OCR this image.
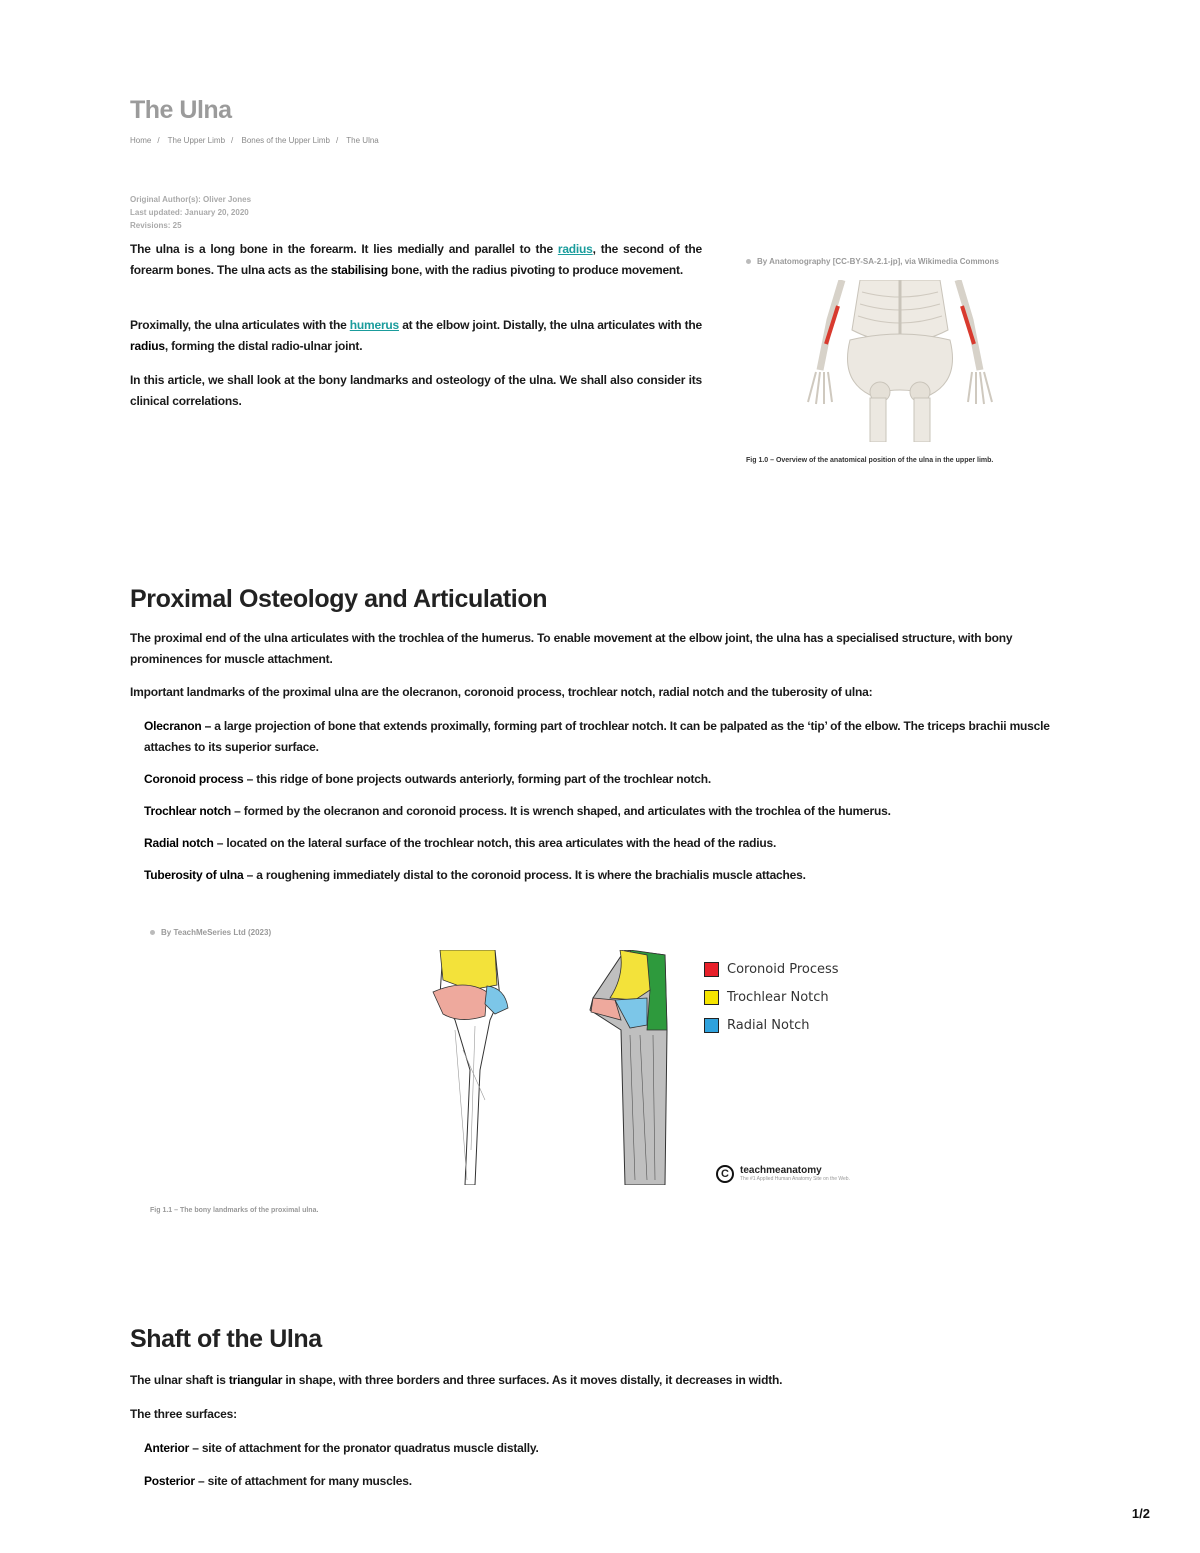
The Ulna
Home / The Upper Limb / Bones of the Upper Limb / The Ulna
Original Author(s): Oliver Jones
Last updated: January 20, 2020
Revisions: 25

The ulna is a long bone in the forearm. It lies medially and parallel to the radius, the second of the forearm bones. The ulna acts as the stabilising bone, with the radius pivoting to produce movement.

Proximally, the ulna articulates with the humerus at the elbow joint. Distally, the ulna articulates with the radius, forming the distal radio-ulnar joint.

In this article, we shall look at the bony landmarks and osteology of the ulna. We shall also consider its clinical correlations.

By Anatomography [CC-BY-SA-2.1-jp], via Wikimedia Commons
Fig 1.0 – Overview of the anatomical position of the ulna in the upper limb.
Proximal Osteology and Articulation

The proximal end of the ulna articulates with the trochlea of the humerus. To enable movement at the elbow joint, the ulna has a specialised structure, with bony prominences for muscle attachment.

Important landmarks of the proximal ulna are the olecranon, coronoid process, trochlear notch, radial notch and the tuberosity of ulna:

Olecranon – a large projection of bone that extends proximally, forming part of trochlear notch. It can be palpated as the ‘tip’ of the elbow. The triceps brachii muscle attaches to its superior surface.

Coronoid process – this ridge of bone projects outwards anteriorly, forming part of the trochlear notch.

Trochlear notch – formed by the olecranon and coronoid process. It is wrench shaped, and articulates with the trochlea of the humerus.

Radial notch – located on the lateral surface of the trochlear notch, this area articulates with the head of the radius.

Tuberosity of ulna – a roughening immediately distal to the coronoid process. It is where the brachialis muscle attaches.

By TeachMeSeries Ltd (2023)
Coronoid Process
Trochlear Notch
Radial Notch
C	teachmeanatomy
The #1 Applied Human Anatomy Site on the Web.
Fig 1.1 – The bony landmarks of the proximal ulna.
Shaft of the Ulna

The ulnar shaft is triangular in shape, with three borders and three surfaces. As it moves distally, it decreases in width.

The three surfaces:

Anterior – site of attachment for the pronator quadratus muscle distally.

Posterior – site of attachment for many muscles.

1/2
